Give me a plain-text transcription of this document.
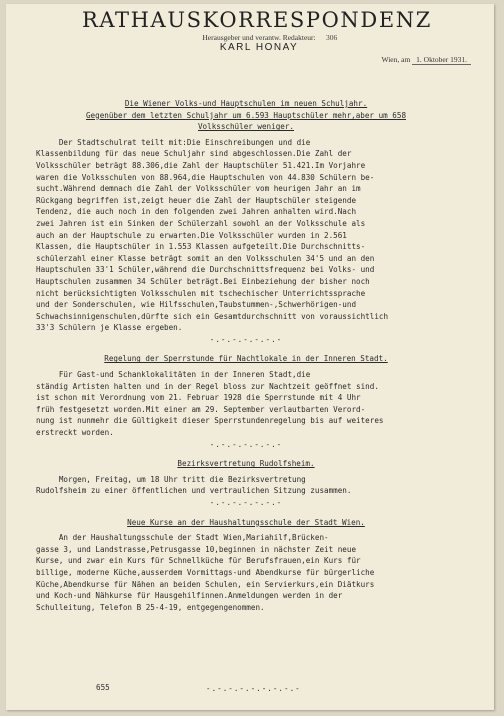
RATHAUSKORRESPONDENZ
Herausgeber und verantw. Redakteur:	306
KARL HONAY
Wien, am 1. Oktober 1931.
Die Wiener Volks-und Hauptschulen im neuen Schuljahr.
Gegenüber dem letzten Schuljahr um 6.593 Hauptschüler mehr,aber um 658
Volksschüler weniger.
Der Stadtschulrat teilt mit:Die Einschreibungen und die
Klassenbildung für das neue Schuljahr sind abgeschlossen.Die Zahl der
Volksschüler beträgt 88.306,die Zahl der Hauptschüler 51.421.Im Vorjahre
waren die Volksschulen von 88.964,die Hauptschulen von 44.830 Schülern be-
sucht.Während demnach die Zahl der Volksschüler vom heurigen Jahr an im
Rückgang begriffen ist,zeigt heuer die Zahl der Hauptschüler steigende
Tendenz, die auch noch in den folgenden zwei Jahren anhalten wird.Nach
zwei Jahren ist ein Sinken der Schülerzahl sowohl an der Volksschule als
auch an der Hauptschule zu erwarten.Die Volksschüler wurden in 2.561
Klassen, die Hauptschüler in 1.553 Klassen aufgeteilt.Die Durchschnitts-
schülerzahl einer Klasse beträgt somit an den Volksschulen 34'5 und an den
Hauptschulen 33'1 Schüler,während die Durchschnittsfrequenz bei Volks- und
Hauptschulen zusammen 34 Schüler beträgt.Bei Einbeziehung der bisher noch
nicht berücksichtigten Volksschulen mit tschechischer Unterrichtssprache
und der Sonderschulen, wie Hilfsschulen,Taubstummen-,Schwerhörigen-und
Schwachsinnigenschulen,dürfte sich ein Gesamtdurchschnitt von voraussichtlich
33'3 Schülern je Klasse ergeben.
-.-.-.-.-.-.-
Regelung der Sperrstunde für Nachtlokale in der Inneren Stadt.
Für Gast-und Schanklokalitäten in der Inneren Stadt,die
ständig Artisten halten und in der Regel bloss zur Nachtzeit geöffnet sind.
ist schon mit Verordnung vom 21. Februar 1928 die Sperrstunde mit 4 Uhr
früh festgesetzt worden.Mit einer am 29. September verlautbarten Verord-
nung ist nunmehr die Gültigkeit dieser Sperrstundenregelung bis auf weiteres
erstreckt worden.
-.-.-.-.-.-.-
Bezirksvertretung Rudolfsheim.
Morgen, Freitag, um 18 Uhr tritt die Bezirksvertretung
Rudolfsheim zu einer öffentlichen und vertraulichen Sitzung zusammen.
-.-.-.-.-.-.-
Neue Kurse an der Haushaltungsschule der Stadt Wien.
An der Haushaltungsschule der Stadt Wien,Mariahilf,Brücken-
gasse 3, und Landstrasse,Petrusgasse 10,beginnen in nächster Zeit neue
Kurse, und zwar ein Kurs für Schnellküche für Berufsfrauen,ein Kurs für
billige, moderne Küche,ausserdem Vormittags-und Abendkurse für bürgerliche
Küche,Abendkurse für Nähen an beiden Schulen, ein Servierkurs,ein Diätkurs
und Koch-und Nähkurse für Hausgehilfinnen.Anmeldungen werden in der
Schulleitung, Telefon B 25-4-19, entgegengenommen.
655	-.-.-.-.-.-.-.-.-
